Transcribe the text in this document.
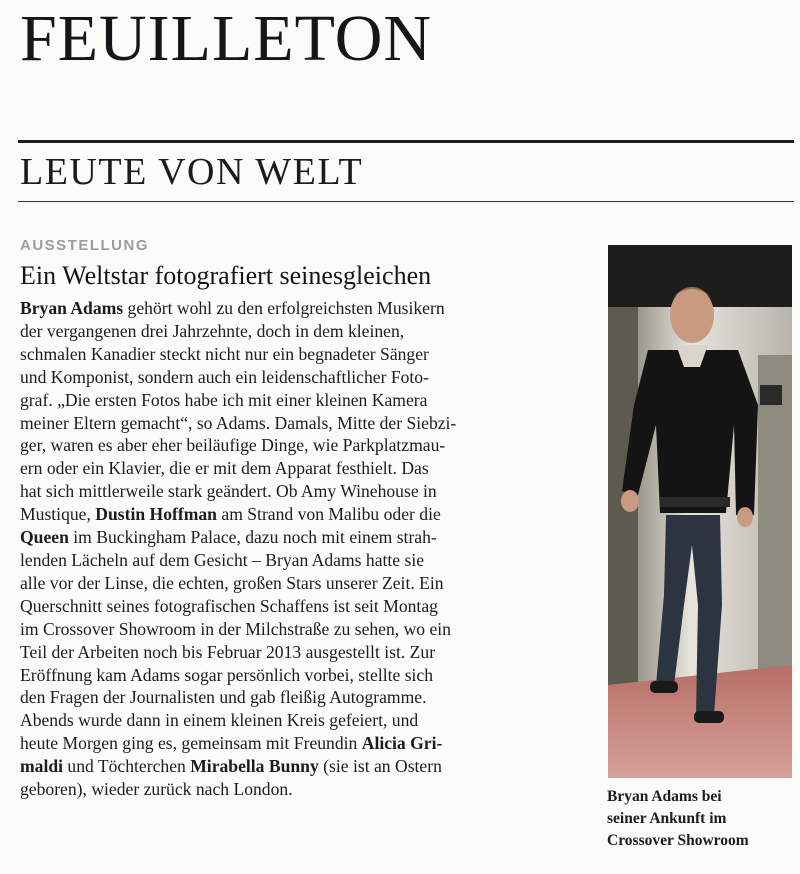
FEUILLETON
LEUTE VON WELT
AUSSTELLUNG
Ein Weltstar fotografiert seinesgleichen

Bryan Adams gehört wohl zu den erfolgreichsten Musikern
der vergangenen drei Jahrzehnte, doch in dem kleinen,
schmalen Kanadier steckt nicht nur ein begnadeter Sänger
und Komponist, sondern auch ein leidenschaftlicher Foto-
graf. „Die ersten Fotos habe ich mit einer kleinen Kamera
meiner Eltern gemacht“, so Adams. Damals, Mitte der Siebzi-
ger, waren es aber eher beiläufige Dinge, wie Parkplatzmau-
ern oder ein Klavier, die er mit dem Apparat festhielt. Das
hat sich mittlerweile stark geändert. Ob Amy Winehouse in
Mustique, Dustin Hoffman am Strand von Malibu oder die
Queen im Buckingham Palace, dazu noch mit einem strah-
lenden Lächeln auf dem Gesicht – Bryan Adams hatte sie
alle vor der Linse, die echten, großen Stars unserer Zeit. Ein
Querschnitt seines fotografischen Schaffens ist seit Montag
im Crossover Showroom in der Milchstraße zu sehen, wo ein
Teil der Arbeiten noch bis Februar 2013 ausgestellt ist. Zur
Eröffnung kam Adams sogar persönlich vorbei, stellte sich
den Fragen der Journalisten und gab fleißig Autogramme.
Abends wurde dann in einem kleinen Kreis gefeiert, und
heute Morgen ging es, gemeinsam mit Freundin Alicia Gri-
maldi und Töchterchen Mirabella Bunny (sie ist an Ostern
geboren), wieder zurück nach London.	Bryan Adams bei
seiner Ankunft im
Crossover Showroom
